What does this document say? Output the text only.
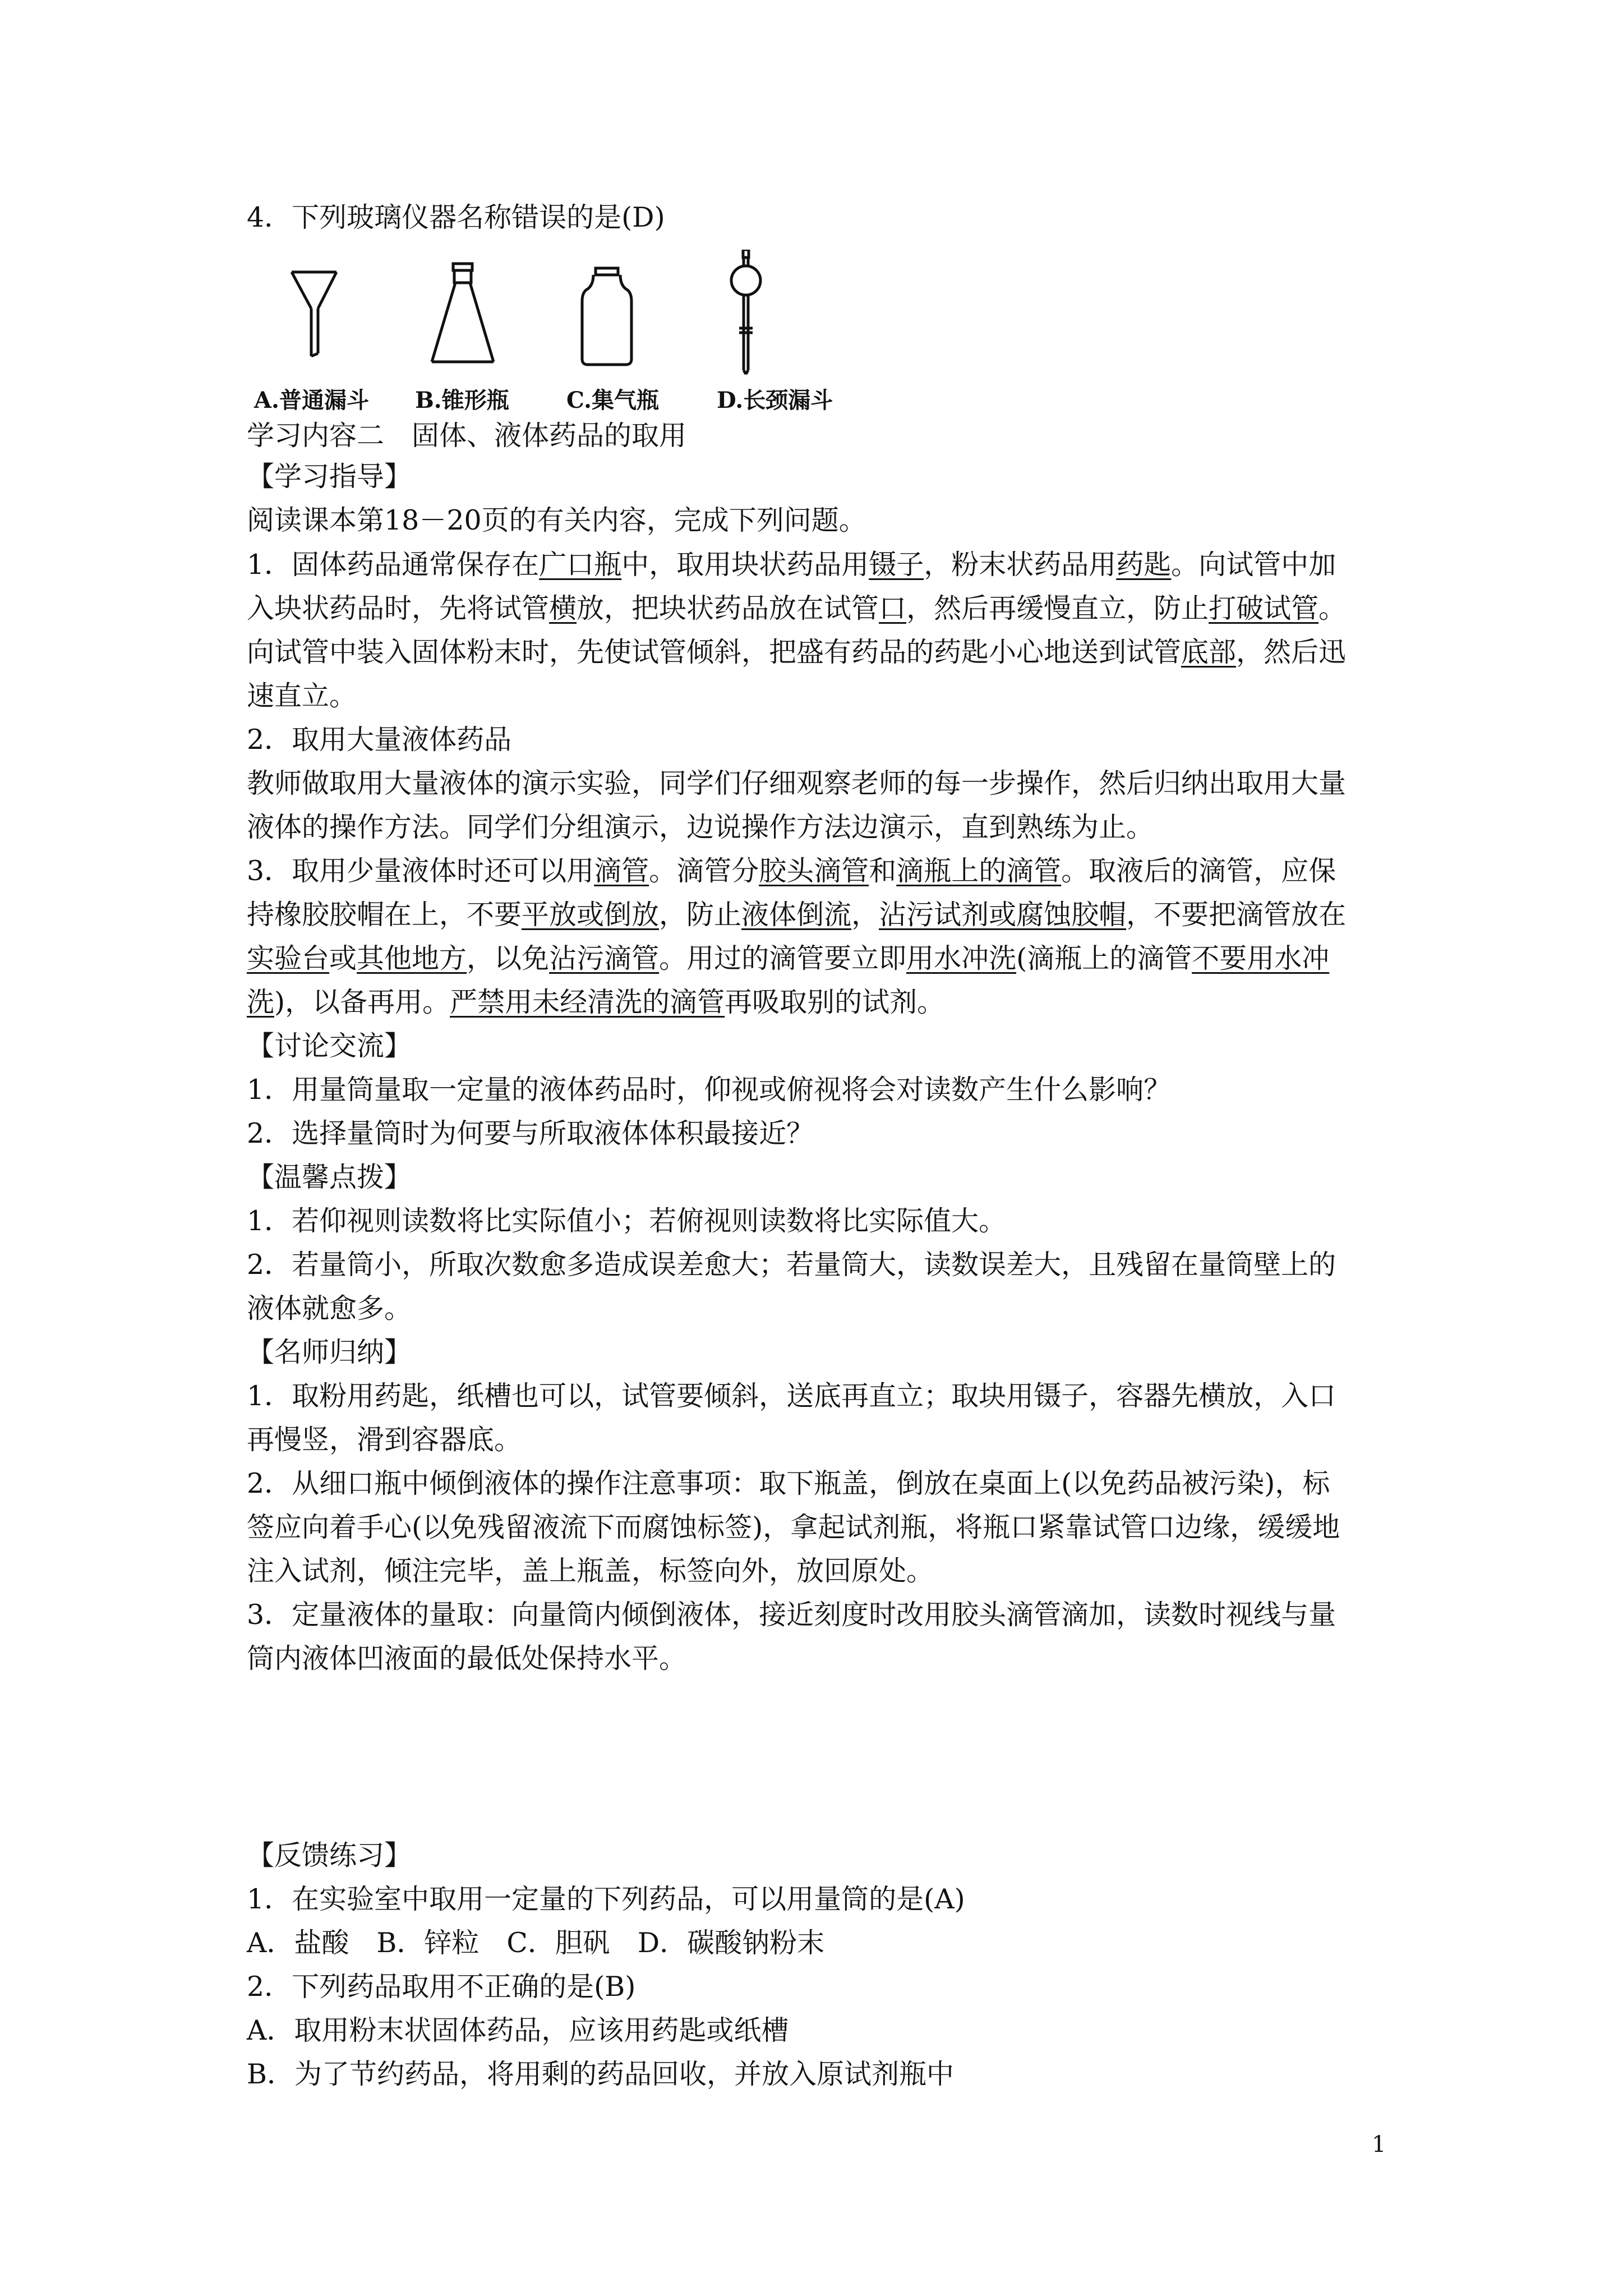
4．下列玻璃仪器名称错误的是(D)
A.普通漏斗 B.锥形瓶	C.集气瓶	D.长颈漏斗
学习内容二　固体、液体药品的取用
【学习指导】
阅读课本第18－20页的有关内容，完成下列问题。
1．固体药品通常保存在广口瓶中，取用块状药品用镊子，粉末状药品用药匙。向试管中加
入块状药品时，先将试管横放，把块状药品放在试管口，然后再缓慢直立，防止打破试管。
向试管中装入固体粉末时，先使试管倾斜，把盛有药品的药匙小心地送到试管底部，然后迅
速直立。
2．取用大量液体药品
教师做取用大量液体的演示实验，同学们仔细观察老师的每一步操作，然后归纳出取用大量
液体的操作方法。同学们分组演示，边说操作方法边演示，直到熟练为止。
3．取用少量液体时还可以用滴管。滴管分胶头滴管和滴瓶上的滴管。取液后的滴管，应保
持橡胶胶帽在上，不要平放或倒放，防止液体倒流，沾污试剂或腐蚀胶帽，不要把滴管放在
实验台或其他地方，以免沾污滴管。用过的滴管要立即用水冲洗(滴瓶上的滴管不要用水冲
洗)，以备再用。严禁用未经清洗的滴管再吸取别的试剂。
【讨论交流】
1．用量筒量取一定量的液体药品时，仰视或俯视将会对读数产生什么影响？
2．选择量筒时为何要与所取液体体积最接近？
【温馨点拨】
1．若仰视则读数将比实际值小；若俯视则读数将比实际值大。
2．若量筒小，所取次数愈多造成误差愈大；若量筒大，读数误差大，且残留在量筒壁上的
液体就愈多。
【名师归纳】
1．取粉用药匙，纸槽也可以，试管要倾斜，送底再直立；取块用镊子，容器先横放，入口
再慢竖，滑到容器底。
2．从细口瓶中倾倒液体的操作注意事项：取下瓶盖，倒放在桌面上(以免药品被污染)，标
签应向着手心(以免残留液流下而腐蚀标签)，拿起试剂瓶，将瓶口紧靠试管口边缘，缓缓地
注入试剂，倾注完毕，盖上瓶盖，标签向外，放回原处。
3．定量液体的量取：向量筒内倾倒液体，接近刻度时改用胶头滴管滴加，读数时视线与量
筒内液体凹液面的最低处保持水平。
【反馈练习】
1．在实验室中取用一定量的下列药品，可以用量筒的是(A)
A．盐酸　B．锌粒　C．胆矾　D．碳酸钠粉末
2．下列药品取用不正确的是(B)
A．取用粉末状固体药品，应该用药匙或纸槽
B．为了节约药品，将用剩的药品回收，并放入原试剂瓶中
1
